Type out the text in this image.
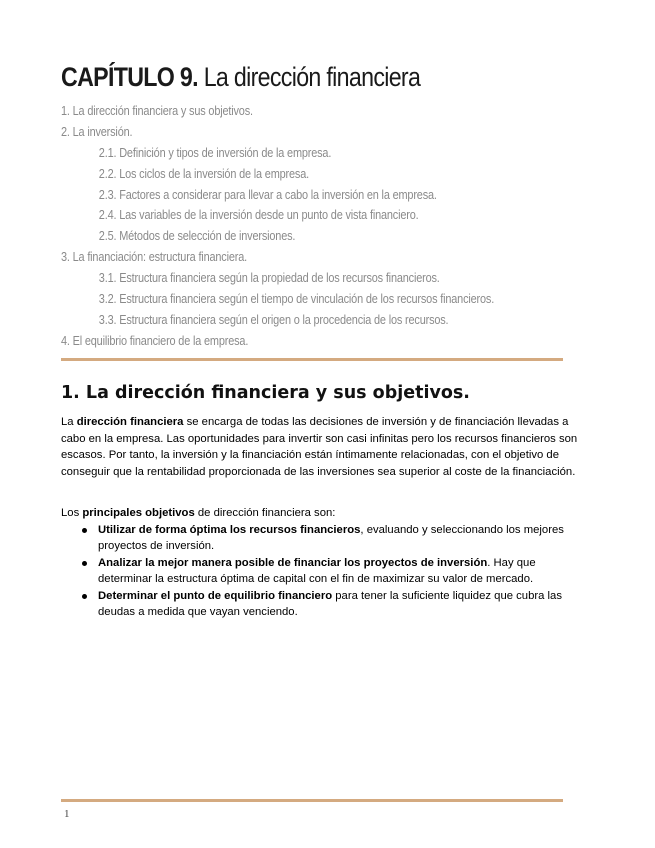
CAPÍTULO 9. La dirección financiera
1. La dirección financiera y sus objetivos.
2. La inversión.
2.1. Definición y tipos de inversión de la empresa.
2.2. Los ciclos de la inversión de la empresa.
2.3. Factores a considerar para llevar a cabo la inversión en la empresa.
2.4. Las variables de la inversión desde un punto de vista financiero.
2.5. Métodos de selección de inversiones.
3. La financiación: estructura financiera.
3.1. Estructura financiera según la propiedad de los recursos financieros.
3.2. Estructura financiera según el tiempo de vinculación de los recursos financieros.
3.3. Estructura financiera según el origen o la procedencia de los recursos.
4. El equilibrio financiero de la empresa.
1. La dirección financiera y sus objetivos.

La dirección financiera se encarga de todas las decisiones de inversión y de financiación llevadas a cabo en la empresa. Las oportunidades para invertir son casi infinitas pero los recursos financieros son escasos. Por tanto, la inversión y la financiación están íntimamente relacionadas, con el objetivo de conseguir que la rentabilidad proporcionada de las inversiones sea superior al coste de la financiación.

Los principales objetivos de dirección financiera son:

Utilizar de forma óptima los recursos financieros, evaluando y seleccionando los mejores proyectos de inversión.
Analizar la mejor manera posible de financiar los proyectos de inversión. Hay que determinar la estructura óptima de capital con el fin de maximizar su valor de mercado.
Determinar el punto de equilibrio financiero para tener la suficiente liquidez que cubra las deudas a medida que vayan venciendo.
1
